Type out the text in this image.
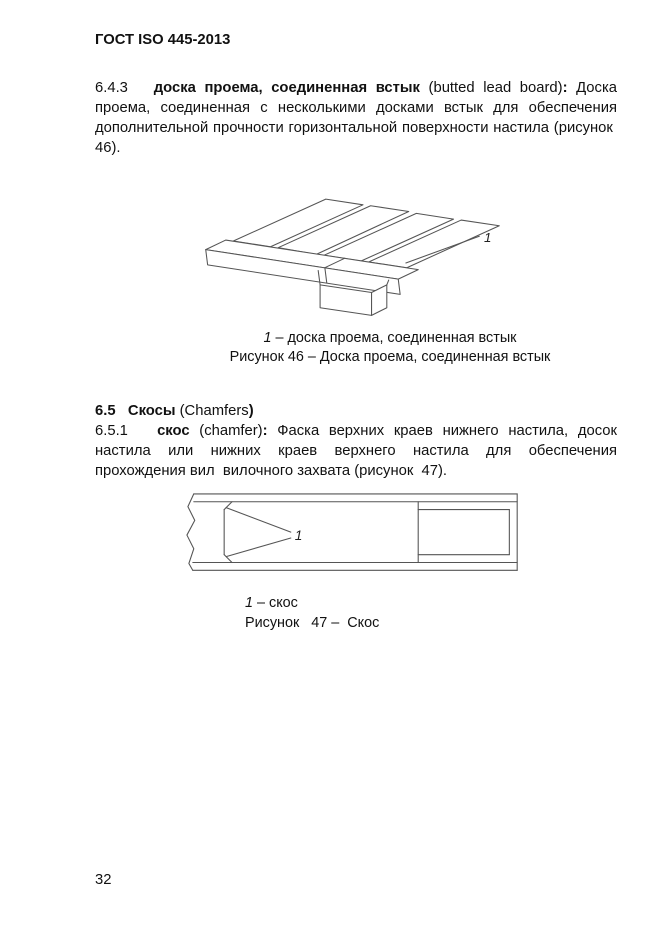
ГОСТ ISO 445-2013

6.4.3   доска проема, соединенная встык (butted lead board): Доска проема, соединенная с несколькими досками встык для обеспечения дополнительной прочности горизонтальной поверхности настила (рисунок  46).

1
1 – доска проема, соединенная встык
Рисунок 46 – Доска проема, соединенная встык
6.5   Скосы (Chamfers)

6.5.1   скос (chamfer): Фаска верхних краев нижнего настила, досок настила или нижних краев верхнего настила для обеспечения прохождения вил  вилочного захвата (рисунок  47).

1
1 – скос
Рисунок   47 –  Скос
32
